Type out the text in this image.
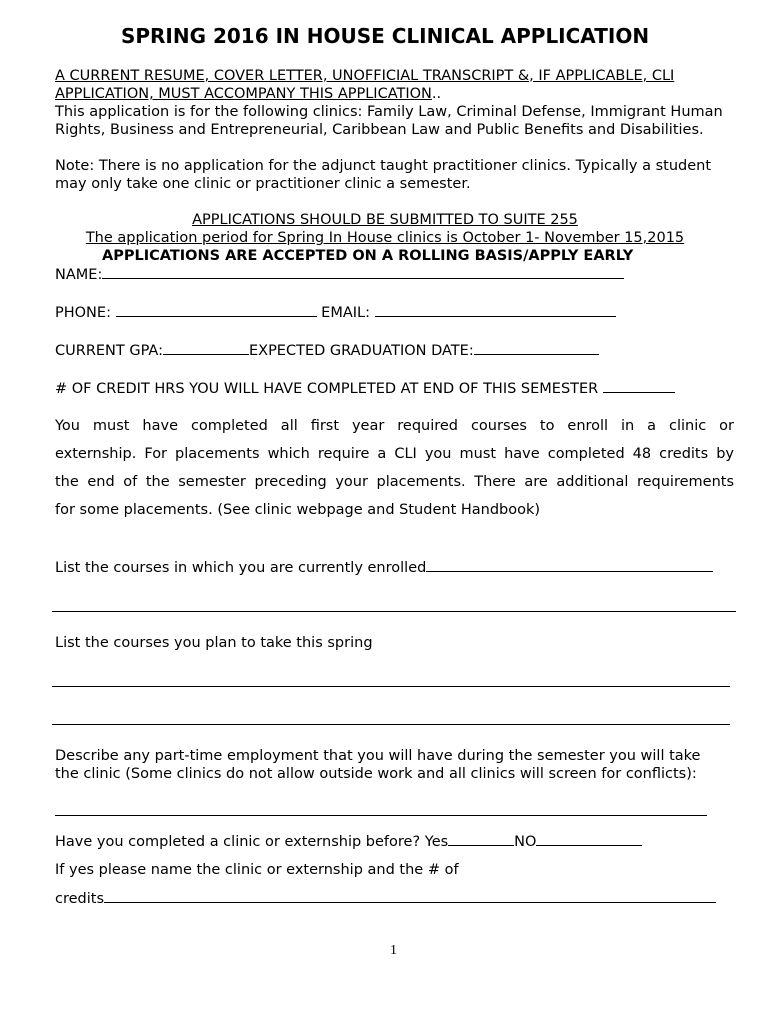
SPRING 2016 IN HOUSE CLINICAL APPLICATION
A CURRENT RESUME, COVER LETTER, UNOFFICIAL TRANSCRIPT &, IF APPLICABLE, CLI
APPLICATION, MUST ACCOMPANY THIS APPLICATION..
This application is for the following clinics: Family Law, Criminal Defense, Immigrant Human
Rights, Business and Entrepreneurial, Caribbean Law and Public Benefits and Disabilities.
Note: There is no application for the adjunct taught practitioner clinics. Typically a student
may only take one clinic or practitioner clinic a semester.
APPLICATIONS SHOULD BE SUBMITTED TO SUITE 255
The application period for Spring In House clinics is October 1- November 15,2015
APPLICATIONS ARE ACCEPTED ON A ROLLING BASIS/APPLY EARLY
NAME:
PHONE:	EMAIL:
CURRENT GPA:	EXPECTED GRADUATION DATE:
# OF CREDIT HRS YOU WILL HAVE COMPLETED AT END OF THIS SEMESTER
You must have completed all first year required courses to enroll in a clinic or
externship. For placements which require a CLI you must have completed 48 credits by
the end of the semester preceding your placements. There are additional requirements
for some placements. (See clinic webpage and Student Handbook)
List the courses in which you are currently enrolled
List the courses you plan to take this spring
Describe any part-time employment that you will have during the semester you will take
the clinic (Some clinics do not allow outside work and all clinics will screen for conflicts):
Have you completed a clinic or externship before? Yes	NO
If yes please name the clinic or externship and the # of
credits
1
